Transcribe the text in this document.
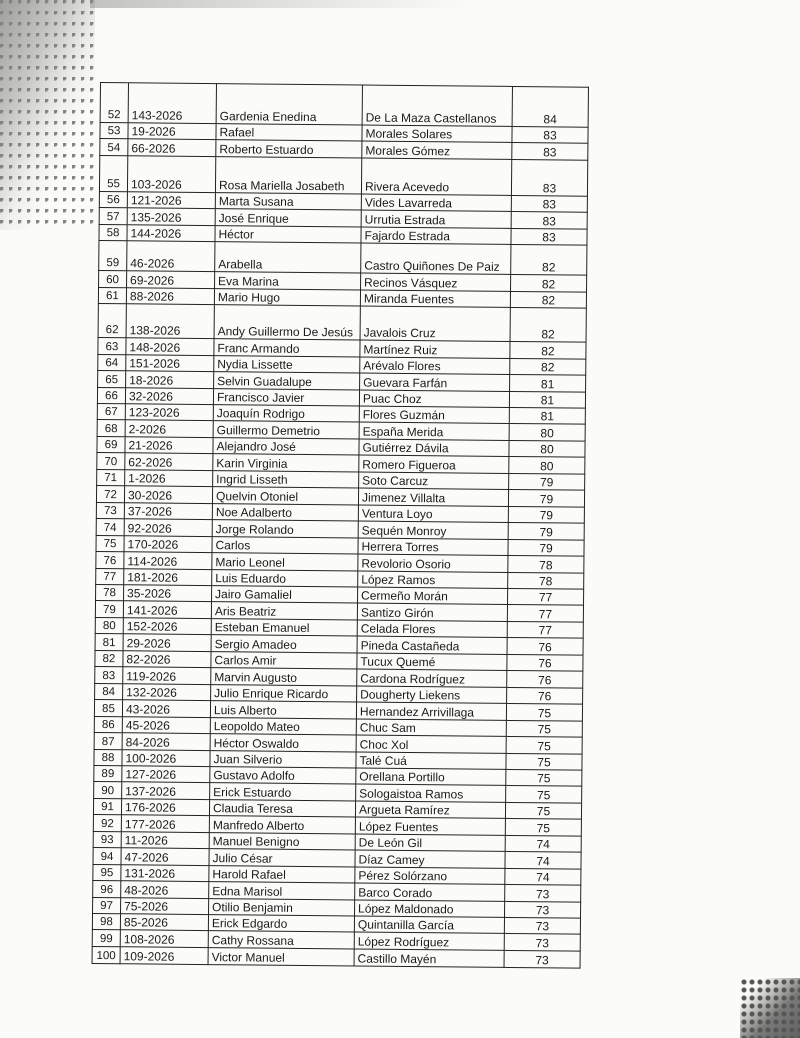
52	143-2026	Gardenia Enedina	De La Maza Castellanos	84
53	19-2026	Rafael	Morales Solares	83
54	66-2026	Roberto Estuardo	Morales Gómez	83
55	103-2026	Rosa Mariella Josabeth	Rivera Acevedo	83
56	121-2026	Marta Susana	Vides Lavarreda	83
57	135-2026	José Enrique	Urrutia Estrada	83
58	144-2026	Héctor	Fajardo Estrada	83
59	46-2026	Arabella	Castro Quiñones De Paiz	82
60	69-2026	Eva Marina	Recinos Vásquez	82
61	88-2026	Mario Hugo	Miranda Fuentes	82
62	138-2026	Andy Guillermo De Jesús	Javalois Cruz	82
63	148-2026	Franc Armando	Martínez Ruiz	82
64	151-2026	Nydia Lissette	Arévalo Flores	82
65	18-2026	Selvin Guadalupe	Guevara Farfán	81
66	32-2026	Francisco Javier	Puac Choz	81
67	123-2026	Joaquín Rodrigo	Flores Guzmán	81
68	2-2026	Guillermo Demetrio	España Merida	80
69	21-2026	Alejandro José	Gutiérrez Dávila	80
70	62-2026	Karin Virginia	Romero Figueroa	80
71	1-2026	Ingrid Lisseth	Soto Carcuz	79
72	30-2026	Quelvin Otoniel	Jimenez Villalta	79
73	37-2026	Noe Adalberto	Ventura Loyo	79
74	92-2026	Jorge Rolando	Sequén Monroy	79
75	170-2026	Carlos	Herrera Torres	79
76	114-2026	Mario Leonel	Revolorio Osorio	78
77	181-2026	Luis Eduardo	López Ramos	78
78	35-2026	Jairo Gamaliel	Cermeño Morán	77
79	141-2026	Aris Beatriz	Santizo Girón	77
80	152-2026	Esteban Emanuel	Celada Flores	77
81	29-2026	Sergio Amadeo	Pineda Castañeda	76
82	82-2026	Carlos Amir	Tucux Quemé	76
83	119-2026	Marvin Augusto	Cardona Rodríguez	76
84	132-2026	Julio Enrique Ricardo	Dougherty Liekens	76
85	43-2026	Luis Alberto	Hernandez Arrivillaga	75
86	45-2026	Leopoldo Mateo	Chuc Sam	75
87	84-2026	Héctor Oswaldo	Choc Xol	75
88	100-2026	Juan Silverio	Talé Cuá	75
89	127-2026	Gustavo Adolfo	Orellana Portillo	75
90	137-2026	Erick Estuardo	Sologaistoa Ramos	75
91	176-2026	Claudia Teresa	Argueta Ramírez	75
92	177-2026	Manfredo Alberto	López Fuentes	75
93	11-2026	Manuel Benigno	De León Gil	74
94	47-2026	Julio César	Díaz Camey	74
95	131-2026	Harold Rafael	Pérez Solórzano	74
96	48-2026	Edna Marisol	Barco Corado	73
97	75-2026	Otilio Benjamin	López Maldonado	73
98	85-2026	Erick Edgardo	Quintanilla García	73
99	108-2026	Cathy Rossana	López Rodríguez	73
100	109-2026	Victor Manuel	Castillo Mayén	73
